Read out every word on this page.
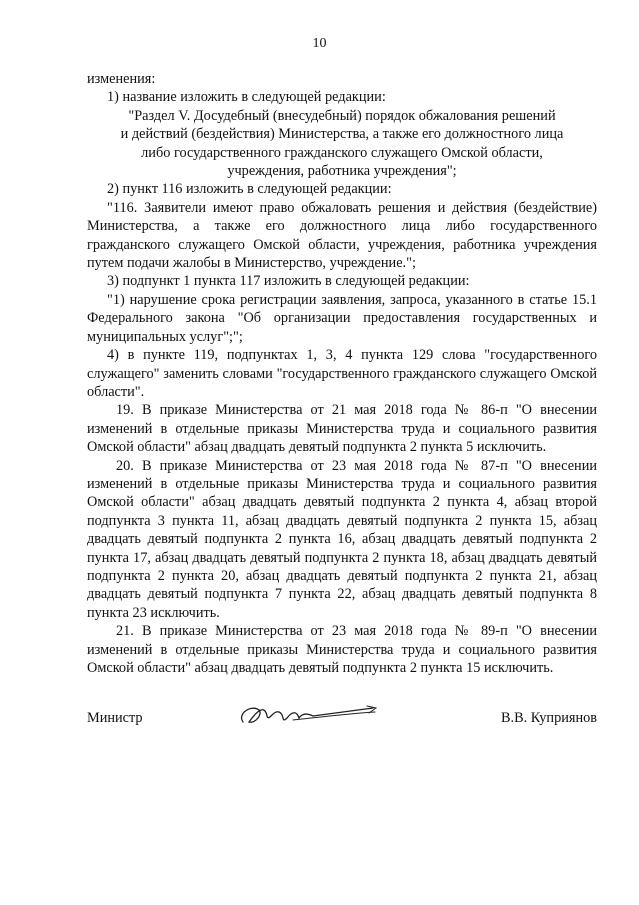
10
изменения:
1) название изложить в следующей редакции:

"Раздел V. Досудебный (внесудебный) порядок обжалования решений

и действий (бездействия) Министерства, а также его должностного лица

либо государственного гражданского служащего Омской области,

учреждения, работника учреждения";

2) пункт 116 изложить в следующей редакции:
"116. Заявители имеют право обжаловать решения и действия (бездействие) Министерства, а также его должностного лица либо государственного гражданского служащего Омской области, учреждения, работника учреждения путем подачи жалобы в Министерство, учреждение.";
3) подпункт 1 пункта 117 изложить в следующей редакции:
"1) нарушение срока регистрации заявления, запроса, указанного в статье 15.1 Федерального закона "Об организации предоставления государственных и муниципальных услуг";";
4) в пункте 119, подпунктах 1, 3, 4 пункта 129 слова "государственного служащего" заменить словами "государственного гражданского служащего Омской области".
19. В приказе Министерства от 21 мая 2018 года № 86-п "О внесении изменений в отдельные приказы Министерства труда и социального развития Омской области" абзац двадцать девятый подпункта 2 пункта 5 исключить.
20. В приказе Министерства от 23 мая 2018 года № 87-п "О внесении изменений в отдельные приказы Министерства труда и социального развития Омской области" абзац двадцать девятый подпункта 2 пункта 4, абзац второй подпункта 3 пункта 11, абзац двадцать девятый подпункта 2 пункта 15, абзац двадцать девятый подпункта 2 пункта 16, абзац двадцать девятый подпункта 2 пункта 17, абзац двадцать девятый подпункта 2 пункта 18, абзац двадцать девятый подпункта 2 пункта 20, абзац двадцать девятый подпункта 2 пункта 21, абзац двадцать девятый подпункта 7 пункта 22, абзац двадцать девятый подпункта 8 пункта 23 исключить.
21. В приказе Министерства от 23 мая 2018 года № 89-п "О внесении изменений в отдельные приказы Министерства труда и социального развития Омской области" абзац двадцать девятый подпункта 2 пункта 15 исключить.
Министр	В.В. Куприянов
